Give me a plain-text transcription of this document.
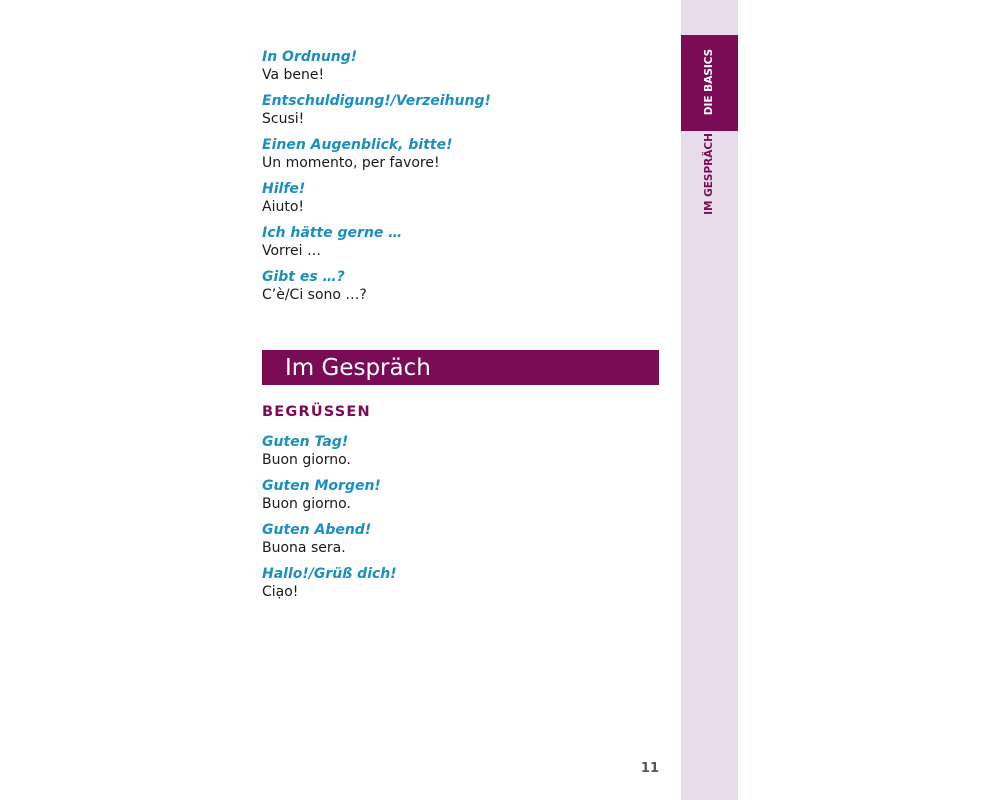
In Ordnung!
Va bene!
Entschuldigung!/Verzeihung!
Scusi!
Einen Augenblick, bitte!
Un momento, per favore!
Hilfe!
Aiuto!
Ich hätte gerne …
Vorrei …
Gibt es …?
C’è/Ci sono …?
Im Gespräch
BEGRÜSSEN
Guten Tag!
Buon giorno.
Guten Morgen!
Buon giorno.
Guten Abend!
Buona sera.
Hallo!/Grüß dich!
Ciạo!
11
DIE BASICS
IM GESPRÄCH
